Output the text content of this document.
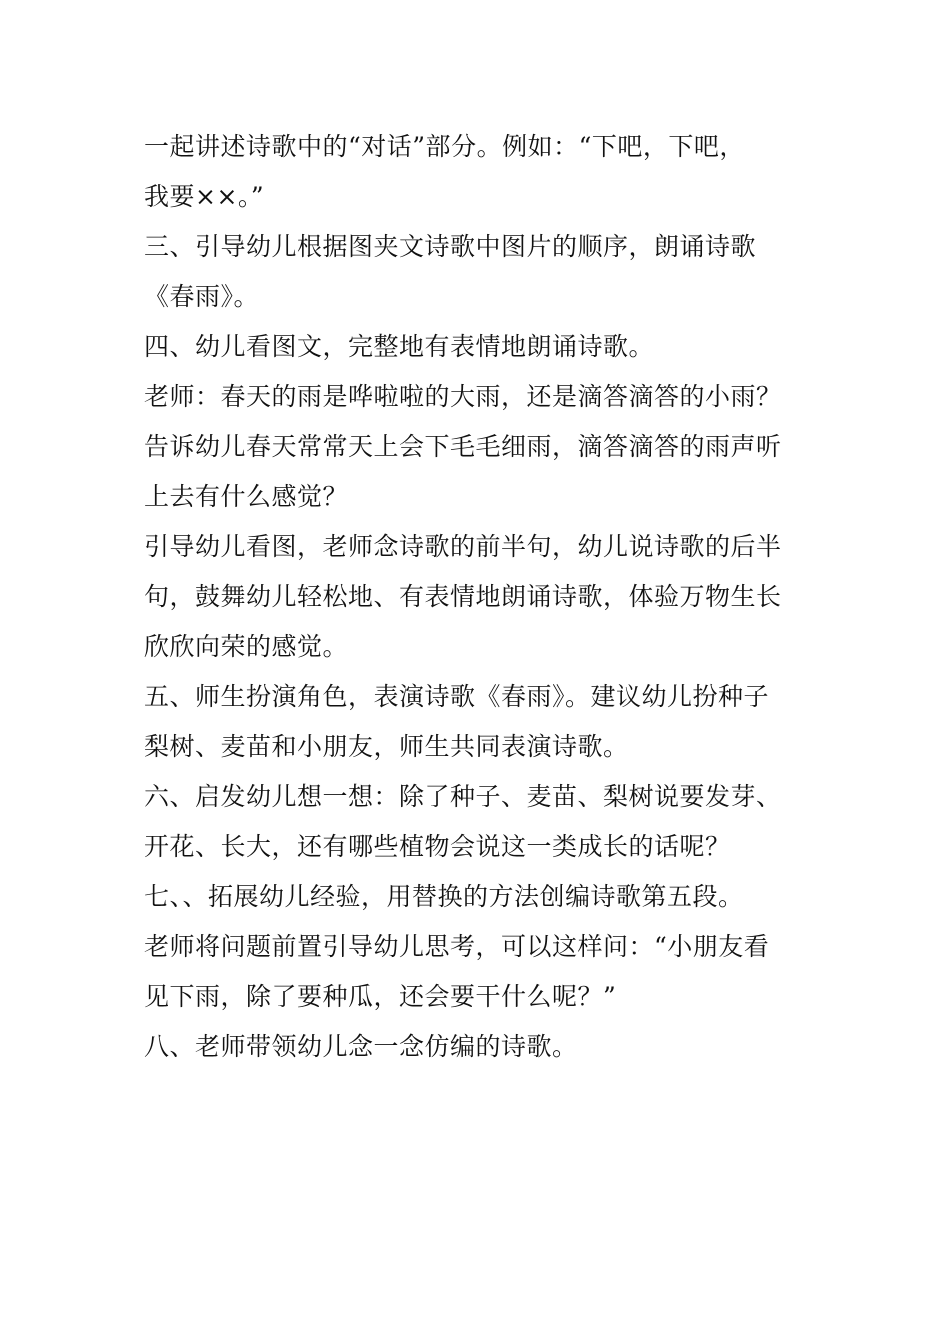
一起讲述诗歌中的“对话”部分。例如：“下吧，下吧，
我要××。”
三、引导幼儿根据图夹文诗歌中图片的顺序，朗诵诗歌
《春雨》。
四、幼儿看图文，完整地有表情地朗诵诗歌。
老师：春天的雨是哗啦啦的大雨，还是滴答滴答的小雨？
告诉幼儿春天常常天上会下毛毛细雨，滴答滴答的雨声听
上去有什么感觉？
引导幼儿看图，老师念诗歌的前半句，幼儿说诗歌的后半
句，鼓舞幼儿轻松地、有表情地朗诵诗歌，体验万物生长
欣欣向荣的感觉。
五、师生扮演角色，表演诗歌《春雨》。建议幼儿扮种子
梨树、麦苗和小朋友，师生共同表演诗歌。
六、启发幼儿想一想：除了种子、麦苗、梨树说要发芽、
开花、长大，还有哪些植物会说这一类成长的话呢？
七、、拓展幼儿经验，用替换的方法创编诗歌第五段。
老师将问题前置引导幼儿思考，可以这样问：“小朋友看
见下雨，除了要种瓜，还会要干什么呢？”
八、老师带领幼儿念一念仿编的诗歌。
